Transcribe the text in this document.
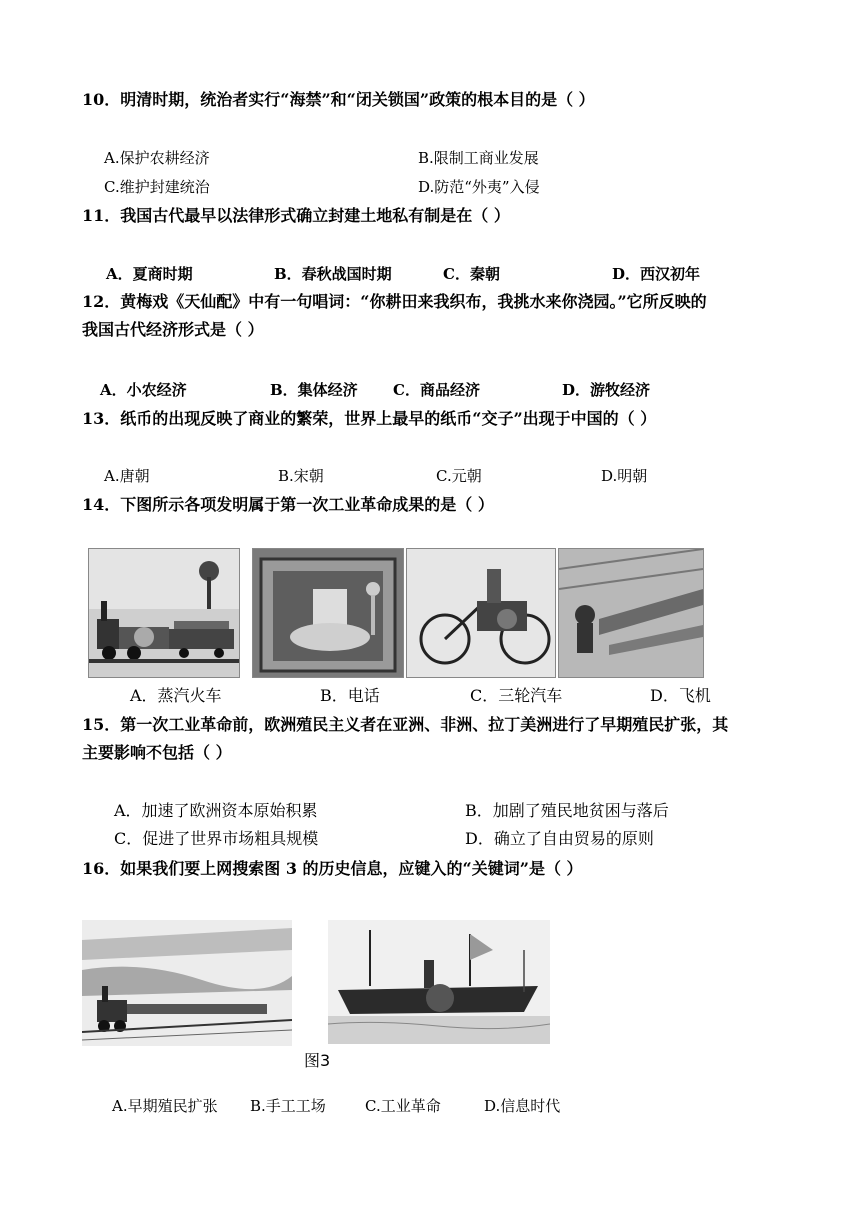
10．明清时期，统治者实行“海禁”和“闭关锁国”政策的根本目的是（ ）
A.保护农耕经济	B.限制工商业发展
C.维护封建统治	D.防范“外夷”入侵
11．我国古代最早以法律形式确立封建土地私有制是在（ ）
A．夏商时期	B．春秋战国时期	C．秦朝	D．西汉初年
12．黄梅戏《天仙配》中有一句唱词：“你耕田来我织布，我挑水来你浇园。”它所反映的
我国古代经济形式是（ ）
A．小农经济	B．集体经济 C．商品经济	D．游牧经济
13．纸币的出现反映了商业的繁荣，世界上最早的纸币“交子”出现于中国的（ ）
A.唐朝	B.宋朝	C.元朝	D.明朝
14．下图所示各项发明属于第一次工业革命成果的是（ ）
A．蒸汽火车	B．电话	C．三轮汽车	D．飞机
15．第一次工业革命前，欧洲殖民主义者在亚洲、非洲、拉丁美洲进行了早期殖民扩张，其
主要影响不包括（ ）
A．加速了欧洲资本原始积累	B．加剧了殖民地贫困与落后
C．促进了世界市场粗具规模	D．确立了自由贸易的原则
16．如果我们要上网搜索图 3 的历史信息，应键入的“关键词”是（ ）
图3
A.早期殖民扩张 B.手工工场	C.工业革命	D.信息时代
